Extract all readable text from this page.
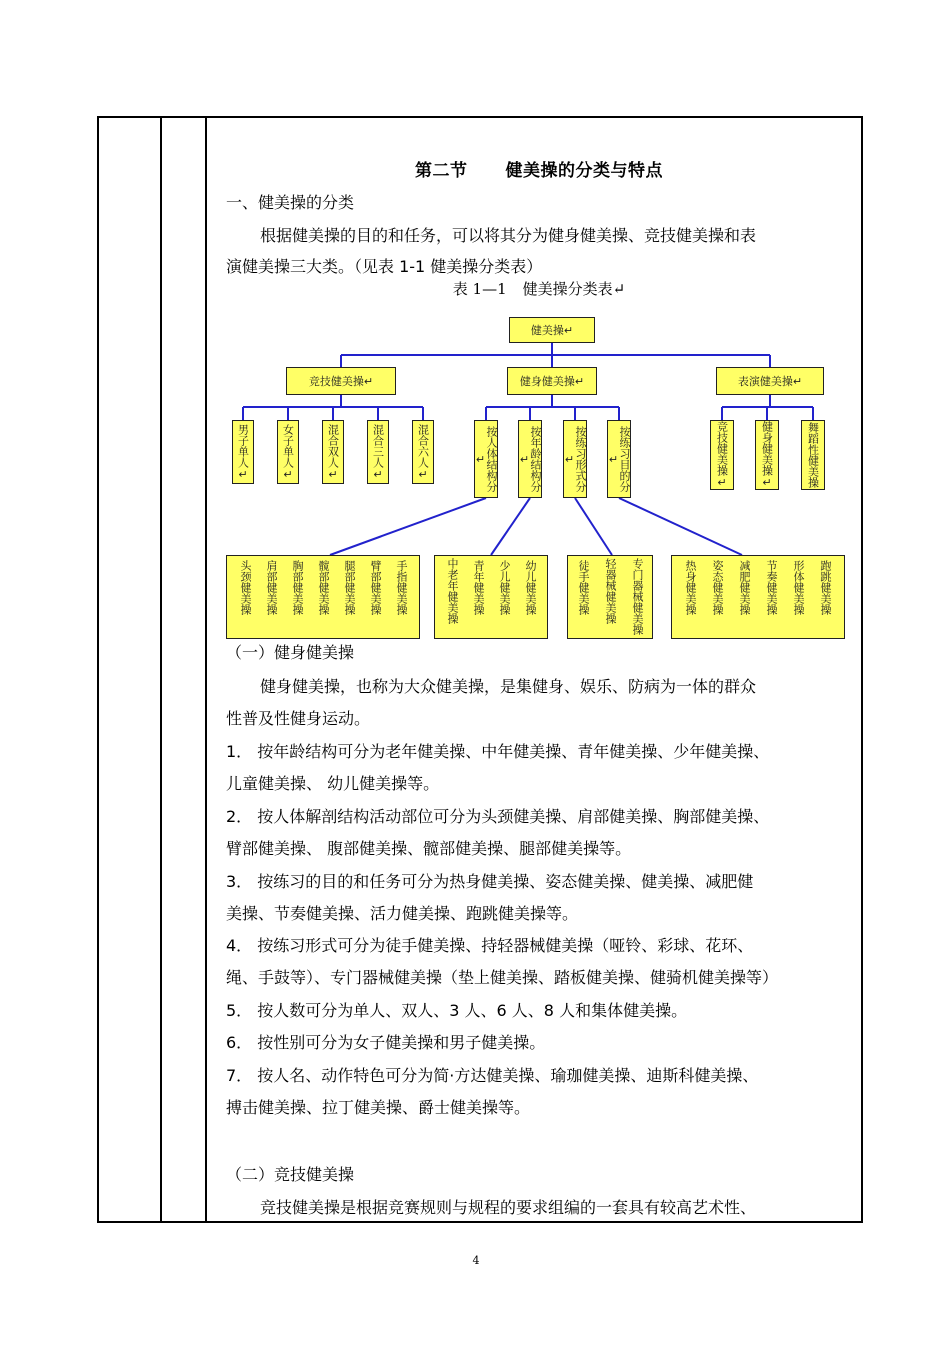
第二节 健美操的分类与特点
一、健美操的分类
根据健美操的目的和任务，可以将其分为健身健美操、竞技健美操和表
演健美操三大类。（见表 1-1 健美操分类表）
表 1—1 健美操分类表↵
健美操↵
竞技健美操↵	健身健美操↵	表演健美操↵
男子单人↵	女子单人↵	混合双人↵	混合三人↵	混合六人↵	按人体结构分↵	按年龄结构分↵	按练习形式分↵	按练习目的分↵	竞技健美操↵	健身健美操↵	舞蹈性健美操
头颈健美操 肩部健美操 胸部健美操 髋部健美操 腿部健美操 臂部健美操 手指健美操	中老年健美操 青年健美操 少儿健美操 幼儿健美操	徒手健美操 轻器械健美操 专门器械健美操	热身健美操 姿态健美操 减肥健美操 节奏健美操 形体健美操 跑跳健美操
（一）健身健美操
健身健美操，也称为大众健美操，是集健身、娱乐、防病为一体的群众
性普及性健身运动。
1． 按年龄结构可分为老年健美操、中年健美操、青年健美操、少年健美操、
儿童健美操、 幼儿健美操等。
2． 按人体解剖结构活动部位可分为头颈健美操、肩部健美操、胸部健美操、
臂部健美操、 腹部健美操、髋部健美操、腿部健美操等。
3． 按练习的目的和任务可分为热身健美操、姿态健美操、健美操、减肥健
美操、节奏健美操、活力健美操、跑跳健美操等。
4． 按练习形式可分为徒手健美操、持轻器械健美操（哑铃、彩球、花环、
绳、手鼓等）、专门器械健美操（垫上健美操、踏板健美操、健骑机健美操等）
5． 按人数可分为单人、双人、3 人、6 人、8 人和集体健美操。
6． 按性别可分为女子健美操和男子健美操。
7． 按人名、动作特色可分为简·方达健美操、瑜珈健美操、迪斯科健美操、
搏击健美操、拉丁健美操、爵士健美操等。
（二）竞技健美操
竞技健美操是根据竞赛规则与规程的要求组编的一套具有较高艺术性、
4
